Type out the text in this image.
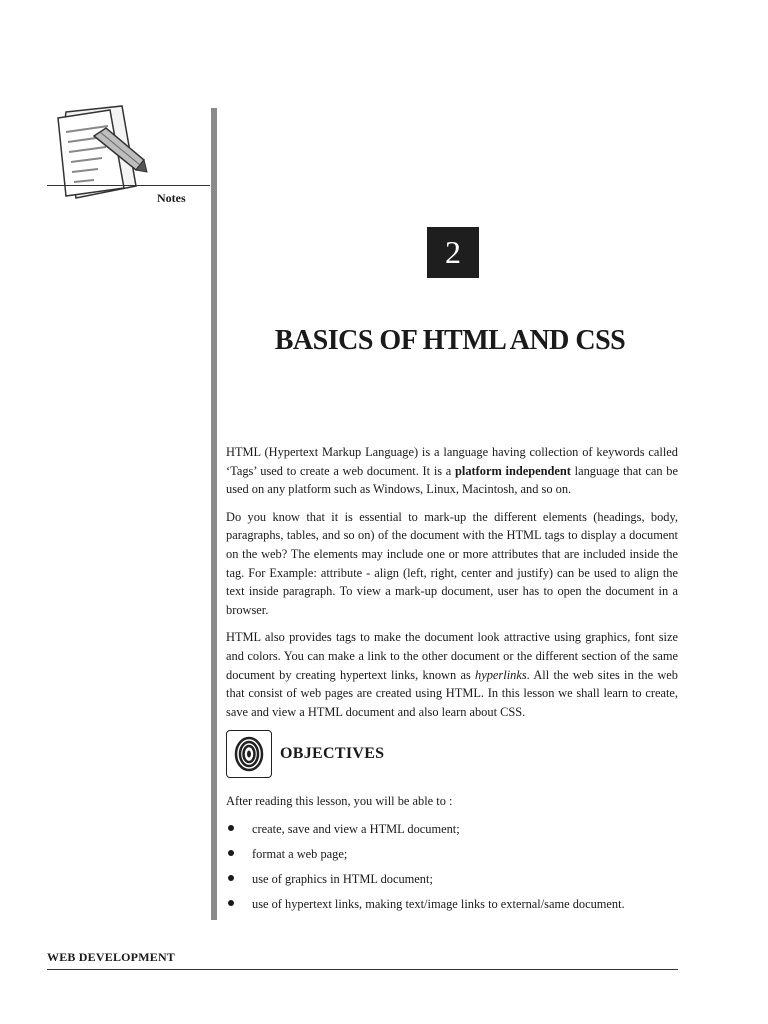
Notes
2
BASICS OF HTML AND CSS

HTML (Hypertext Markup Language) is a language having collection of keywords called ‘Tags’ used to create a web document. It is a platform independent language that can be used on any platform such as Windows, Linux, Macintosh, and so on.

Do you know that it is essential to mark-up the different elements (headings, body, paragraphs, tables, and so on) of the document with the HTML tags to display a document on the web? The elements may include one or more attributes that are included inside the tag. For Example: attribute - align (left, right, center and justify) can be used to align the text inside paragraph. To view a mark-up document, user has to open the document in a browser.

HTML also provides tags to make the document look attractive using graphics, font size and colors. You can make a link to the other document or the different section of the same document by creating hypertext links, known as hyperlinks. All the web sites in the web that consist of web pages are created using HTML. In this lesson we shall learn to create, save and view a HTML document and also learn about CSS.

OBJECTIVES

After reading this lesson, you will be able to :

create, save and view a HTML document;
format a web page;
use of graphics in HTML document;
use of hypertext links, making text/image links to external/same document.
WEB DEVELOPMENT
